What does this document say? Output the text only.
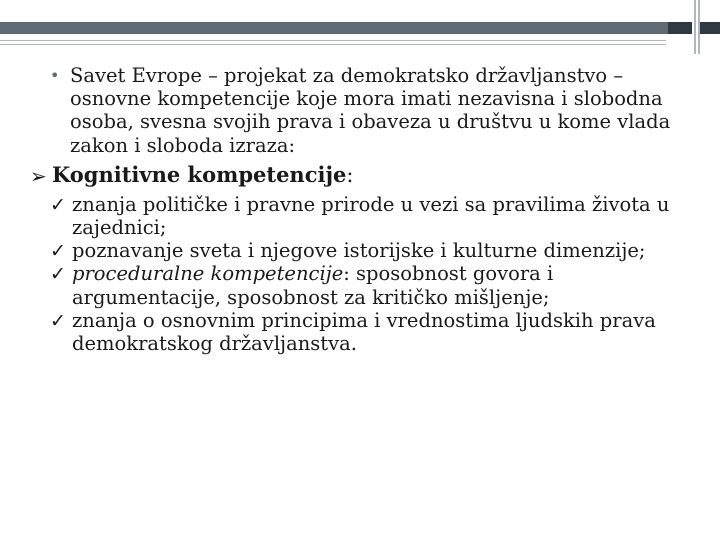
• Savet Evrope – projekat za demokratsko državljanstvo – osnovne kompetencije koje mora imati nezavisna i slobodna osoba, svesna svojih prava i obaveza u društvu u kome vlada zakon i sloboda izraza:

➢ Kognitivne kompetencije:

✓ znanja političke i pravne prirode u vezi sa pravilima života u zajednici;

✓ poznavanje sveta i njegove istorijske i kulturne dimenzije;

✓ proceduralne kompetencije: sposobnost govora i argumentacije, sposobnost za kritičko mišljenje;

✓ znanja o osnovnim principima i vrednostima ljudskih prava demokratskog državljanstva.
